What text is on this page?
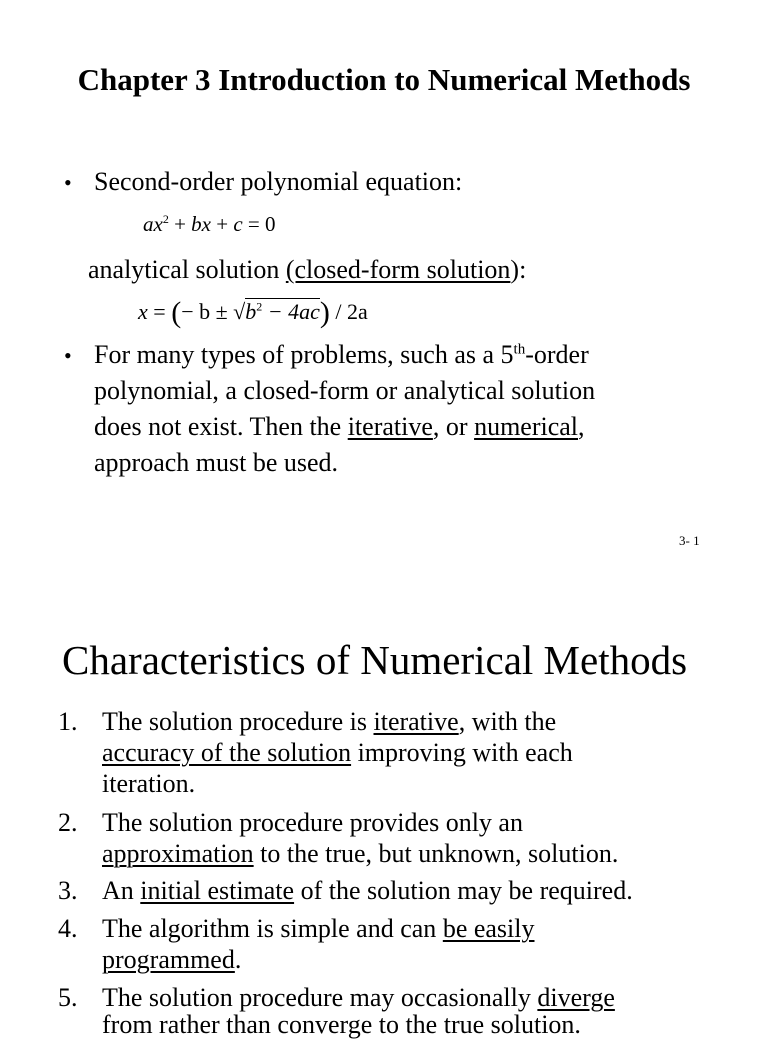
Chapter 3 Introduction to Numerical Methods
• Second-order polynomial equation:
$ax^2$ + bx + c = 0
analytical solution (closed-form solution):
x = (− $b \pm √b^2 - 4ac) / 2a$
• For many types of problems, such as a 5th-order
polynomial, a closed-form or analytical solution
does not exist. Then the iterative, or numerical,
approach must be used.
3- 1
Characteristics of Numerical Methods
1. The solution procedure is iterative, with the
accuracy of the solution improving with each
iteration.
2. The solution procedure provides only an
approximation to the true, but unknown, solution.
3. An initial estimate of the solution may be required.
4. The algorithm is simple and can be easily
programmed.
5. The solution procedure may occasionally diverge
from rather than converge to the true solution.
